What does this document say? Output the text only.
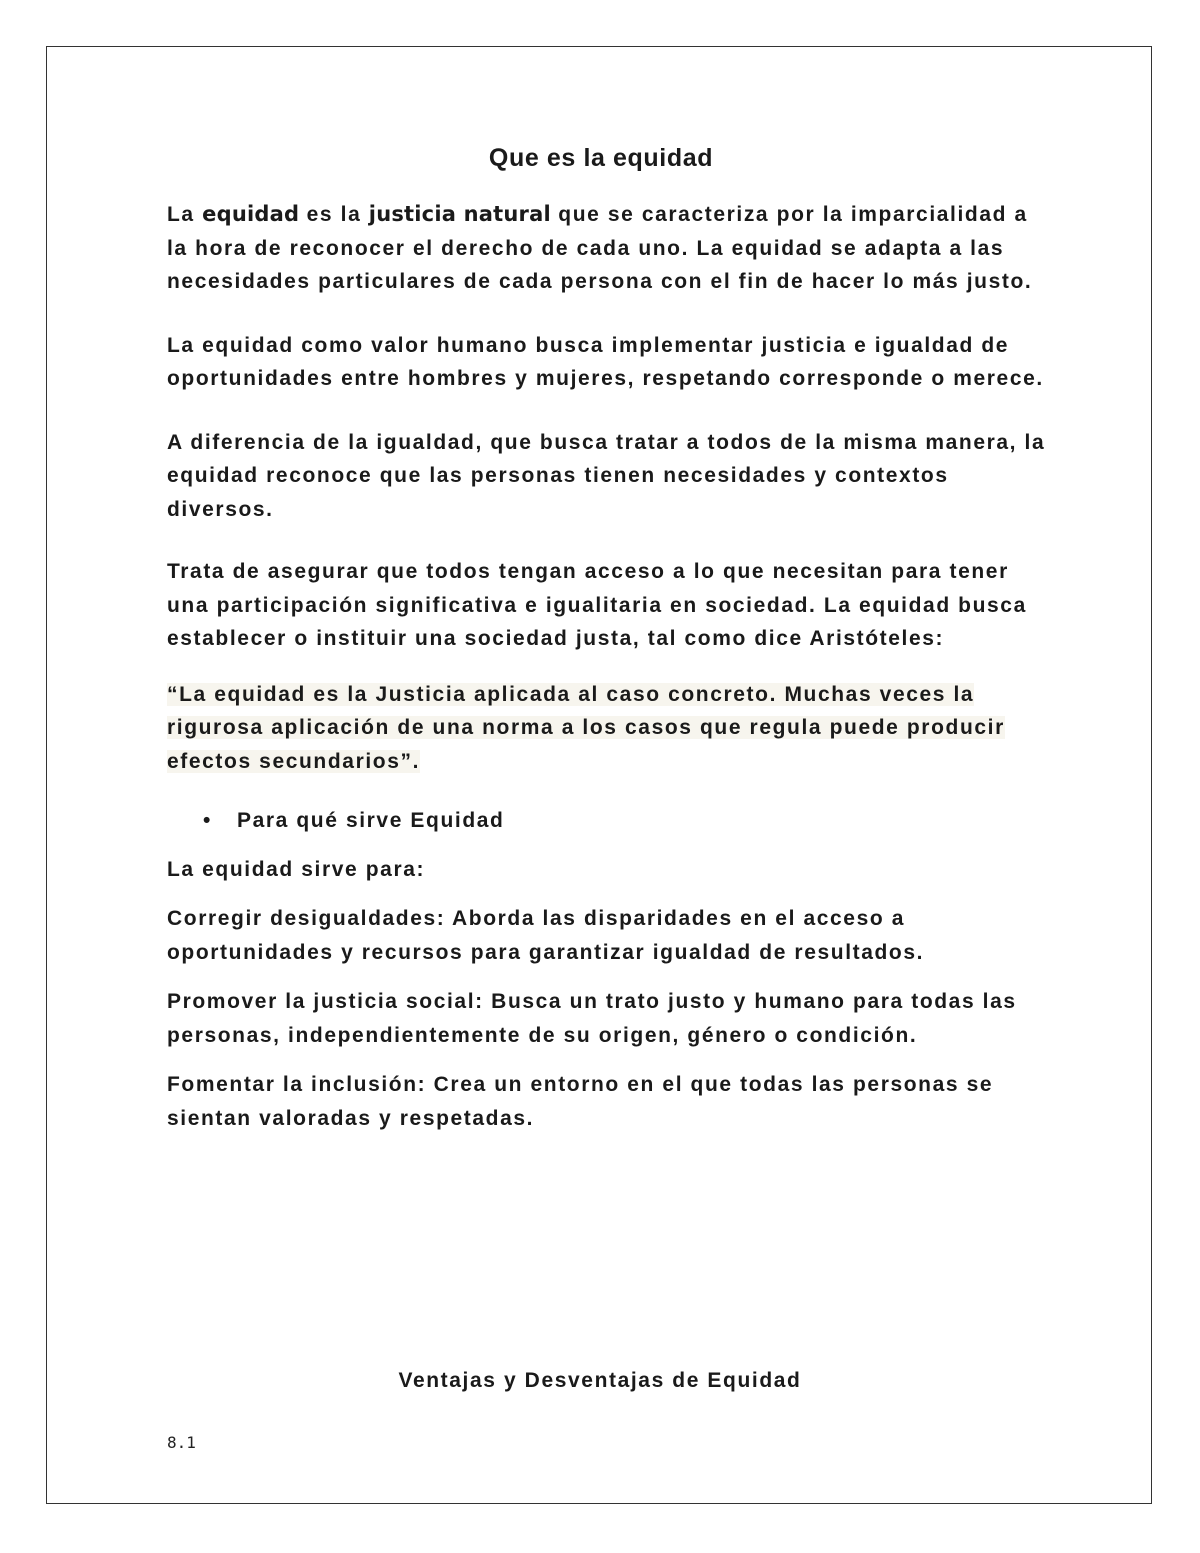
Que es la equidad

La equidad es la justicia natural que se caracteriza por la imparcialidad a la hora de reconocer el derecho de cada uno. La equidad se adapta a las necesidades particulares de cada persona con el fin de hacer lo más justo.

La equidad como valor humano busca implementar justicia e igualdad de oportunidades entre hombres y mujeres, respetando corresponde o merece.

A diferencia de la igualdad, que busca tratar a todos de la misma manera, la equidad reconoce que las personas tienen necesidades y contextos diversos.

Trata de asegurar que todos tengan acceso a lo que necesitan para tener una participación significativa e igualitaria en sociedad. La equidad busca establecer o instituir una sociedad justa, tal como dice Aristóteles:

“La equidad es la Justicia aplicada al caso concreto. Muchas veces la rigurosa aplicación de una norma a los casos que regula puede producir efectos secundarios”.

• Para qué sirve Equidad

La equidad sirve para:

Corregir desigualdades: Aborda las disparidades en el acceso a oportunidades y recursos para garantizar igualdad de resultados.

Promover la justicia social: Busca un trato justo y humano para todas las personas, independientemente de su origen, género o condición.

Fomentar la inclusión: Crea un entorno en el que todas las personas se sientan valoradas y respetadas.

Ventajas y Desventajas de Equidad
8.1
